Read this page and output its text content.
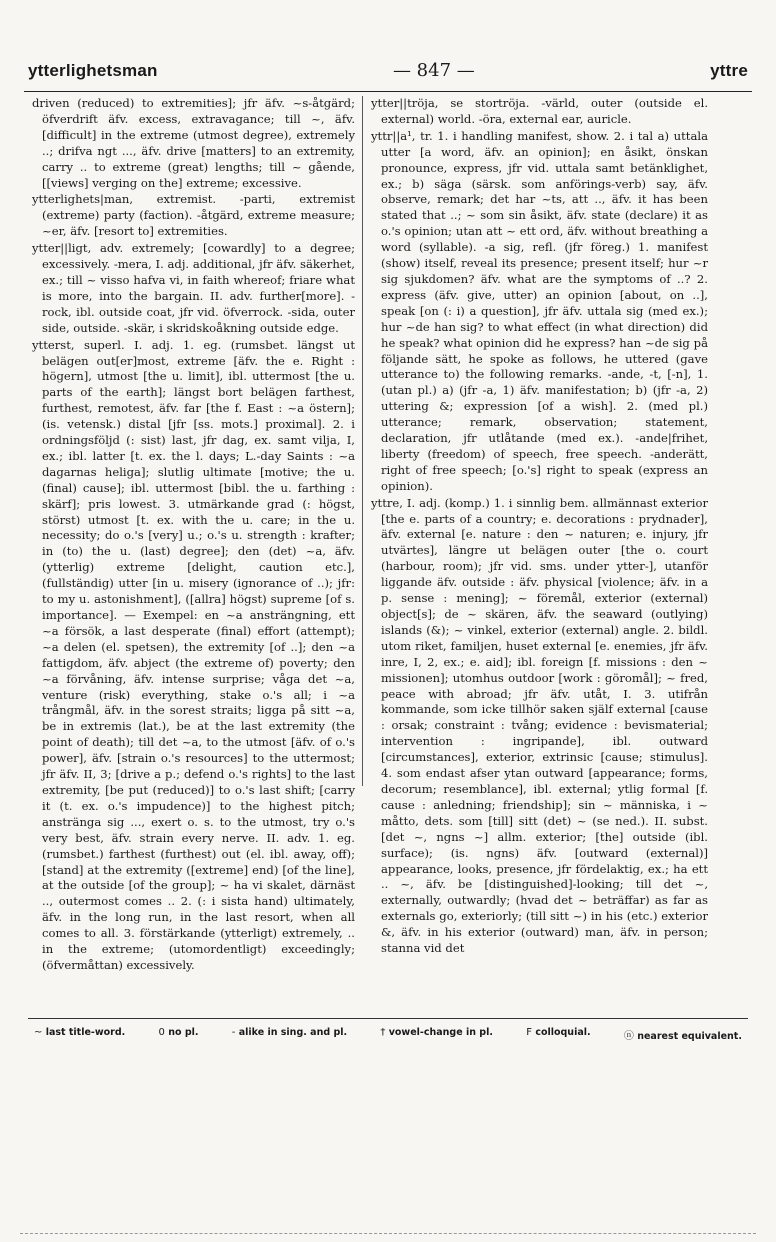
ytterlighetsman	— 847 —	yttre

driven (reduced) to extremities]; jfr äfv. ~s-åtgärd; öfverdrift äfv. excess, extravagance; till ~, äfv. [difficult] in the extreme (utmost degree), extremely ..; drifva ngt ..., äfv. drive [matters] to an extremity, carry .. to extreme (great) lengths; till ~ gående, [[views] verging on the] extreme; excessive.

ytterlighets|man, extremist. -parti, extremist (extreme) party (faction). -åtgärd, extreme measure; ~er, äfv. [resort to] extremities.

ytter||ligt, adv. extremely; [cowardly] to a degree; excessively. -mera, I. adj. additional, jfr äfv. säkerhet, ex.; till ~ visso hafva vi, in faith whereof; friare what is more, into the bargain. II. adv. further[more]. -rock, ibl. outside coat, jfr vid. öfverrock. -sida, outer side, outside. -skär, i skridskoåkning outside edge.

ytterst, superl. I. adj. 1. eg. (rumsbet. längst ut belägen out[er]most, extreme [äfv. the e. Right : högern], utmost [the u. limit], ibl. uttermost [the u. parts of the earth]; längst bort belägen farthest, furthest, remotest, äfv. far [the f. East : ~a östern]; (is. vetensk.) distal [jfr [ss. mots.] proximal]. 2. i ordningsföljd (: sist) last, jfr dag, ex. samt vilja, I, ex.; ibl. latter [t. ex. the l. days; L.-day Saints : ~a dagarnas heliga]; slutlig ultimate [motive; the u. (final) cause]; ibl. uttermost [bibl. the u. farthing : skärf]; pris lowest. 3. utmärkande grad (: högst, störst) utmost [t. ex. with the u. care; in the u. necessity; do o.'s [very] u.; o.'s u. strength : krafter; in (to) the u. (last) degree]; den (det) ~a, äfv. (ytterlig) extreme [delight, caution etc.], (fullständig) utter [in u. misery (ignorance of ..); jfr: to my u. astonishment], ([allra] högst) supreme [of s. importance]. — Exempel: en ~a ansträngning, ett ~a försök, a last desperate (final) effort (attempt); ~a delen (el. spetsen), the extremity [of ..]; den ~a fattigdom, äfv. abject (the extreme of) poverty; den ~a förvåning, äfv. intense surprise; våga det ~a, venture (risk) everything, stake o.'s all; i ~a trångmål, äfv. in the sorest straits; ligga på sitt ~a, be in extremis (lat.), be at the last extremity (the point of death); till det ~a, to the utmost [äfv. of o.'s power], äfv. [strain o.'s resources] to the uttermost; jfr äfv. II, 3; [drive a p.; defend o.'s rights] to the last extremity, [be put (reduced)] to o.'s last shift; [carry it (t. ex. o.'s impudence)] to the highest pitch; anstränga sig ..., exert o. s. to the utmost, try o.'s very best, äfv. strain every nerve. II. adv. 1. eg. (rumsbet.) farthest (furthest) out (el. ibl. away, off); [stand] at the extremity ([extreme] end) [of the line], at the outside [of the group]; ~ ha vi skalet, därnäst .., outermost comes .. 2. (: i sista hand) ultimately, äfv. in the long run, in the last resort, when all comes to all. 3. förstärkande (ytterligt) extremely, .. in the extreme; (utomordentligt) exceedingly; (öfvermåttan) excessively.

ytter||tröja, se stortröja. -värld, outer (outside el. external) world. -öra, external ear, auricle.

yttr||a¹, tr. 1. i handling manifest, show. 2. i tal a) uttala utter [a word, äfv. an opinion]; en åsikt, önskan pronounce, express, jfr vid. uttala samt betänklighet, ex.; b) säga (särsk. som anförings-verb) say, äfv. observe, remark; det har ~ts, att .., äfv. it has been stated that ..; ~ som sin åsikt, äfv. state (declare) it as o.'s opinion; utan att ~ ett ord, äfv. without breathing a word (syllable). -a sig, refl. (jfr föreg.) 1. manifest (show) itself, reveal its presence; present itself; hur ~r sig sjukdomen? äfv. what are the symptoms of ..? 2. express (äfv. give, utter) an opinion [about, on ..], speak [on (: i) a question], jfr äfv. uttala sig (med ex.); hur ~de han sig? to what effect (in what direction) did he speak? what opinion did he express? han ~de sig på följande sätt, he spoke as follows, he uttered (gave utterance to) the following remarks. -ande, -t, [-n], 1. (utan pl.) a) (jfr -a, 1) äfv. manifestation; b) (jfr -a, 2) uttering &; expression [of a wish]. 2. (med pl.) utterance; remark, observation; statement, declaration, jfr utlåtande (med ex.). -ande|frihet, liberty (freedom) of speech, free speech. -anderätt, right of free speech; [o.'s] right to speak (express an opinion).

yttre, I. adj. (komp.) 1. i sinnlig bem. allmännast exterior [the e. parts of a country; e. decorations : prydnader], äfv. external [e. nature : den ~ naturen; e. injury, jfr utvärtes], längre ut belägen outer [the o. court (harbour, room); jfr vid. sms. under ytter-], utanför liggande äfv. outside : äfv. physical [violence; äfv. in a p. sense : mening]; ~ föremål, exterior (external) object[s]; de ~ skären, äfv. the seaward (outlying) islands (&); ~ vinkel, exterior (external) angle. 2. bildl. utom riket, familjen, huset external [e. enemies, jfr äfv. inre, I, 2, ex.; e. aid]; ibl. foreign [f. missions : den ~ missionen]; utomhus outdoor [work : göromål]; ~ fred, peace with abroad; jfr äfv. utåt, I. 3. utifrån kommande, som icke tillhör saken själf external [cause : orsak; constraint : tvång; evidence : bevismaterial; intervention : ingripande], ibl. outward [circumstances], exterior, extrinsic [cause; stimulus]. 4. som endast afser ytan outward [appearance; forms, decorum; resemblance], ibl. external; ytlig formal [f. cause : anledning; friendship]; sin ~ människa, i ~ måtto, dets. som [till] sitt (det) ~ (se ned.). II. subst. [det ~, ngns ~] allm. exterior; [the] outside (ibl. surface); (is. ngns) äfv. [outward (external)] appearance, looks, presence, jfr fördelaktig, ex.; ha ett .. ~, äfv. be [distinguished]-looking; till det ~, externally, outwardly; (hvad det ~ beträffar) as far as externals go, exteriorly; (till sitt ~) in his (etc.) exterior &, äfv. in his exterior (outward) man, äfv. in person; stanna vid det

~ last title-word.	0 no pl.	- alike in sing. and pl.	† vowel-change in pl.	F colloquial.	ⓝ nearest equivalent.
